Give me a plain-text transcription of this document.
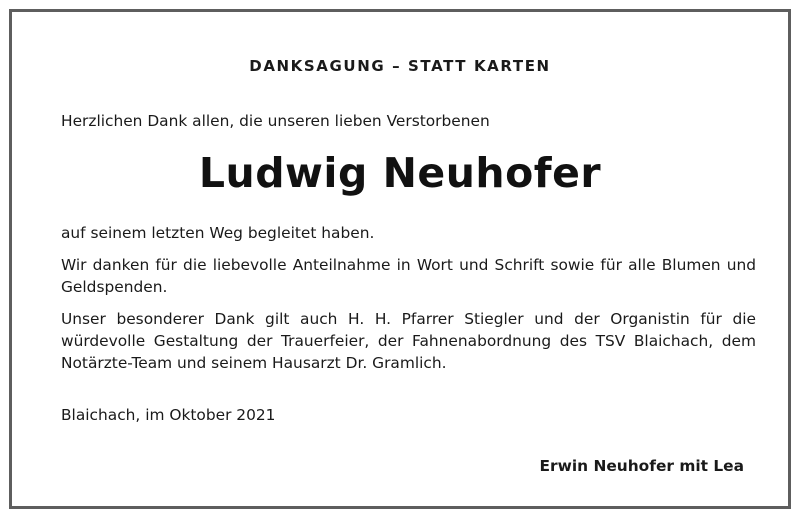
DANKSAGUNG – STATT KARTEN
Herzlichen Dank allen, die unseren lieben Verstorbenen
Ludwig Neuhofer
auf seinem letzten Weg begleitet haben.
Wir danken für die liebevolle Anteilnahme in Wort und Schrift sowie für alle Blumen und Geldspenden.
Unser besonderer Dank gilt auch H. H. Pfarrer Stiegler und der Organistin für die würdevolle Gestaltung der Trauerfeier, der Fahnenabordnung des TSV Blaichach, dem Notärzte-Team und seinem Hausarzt Dr. Gramlich.
Blaichach, im Oktober 2021
Erwin Neuhofer mit Lea
